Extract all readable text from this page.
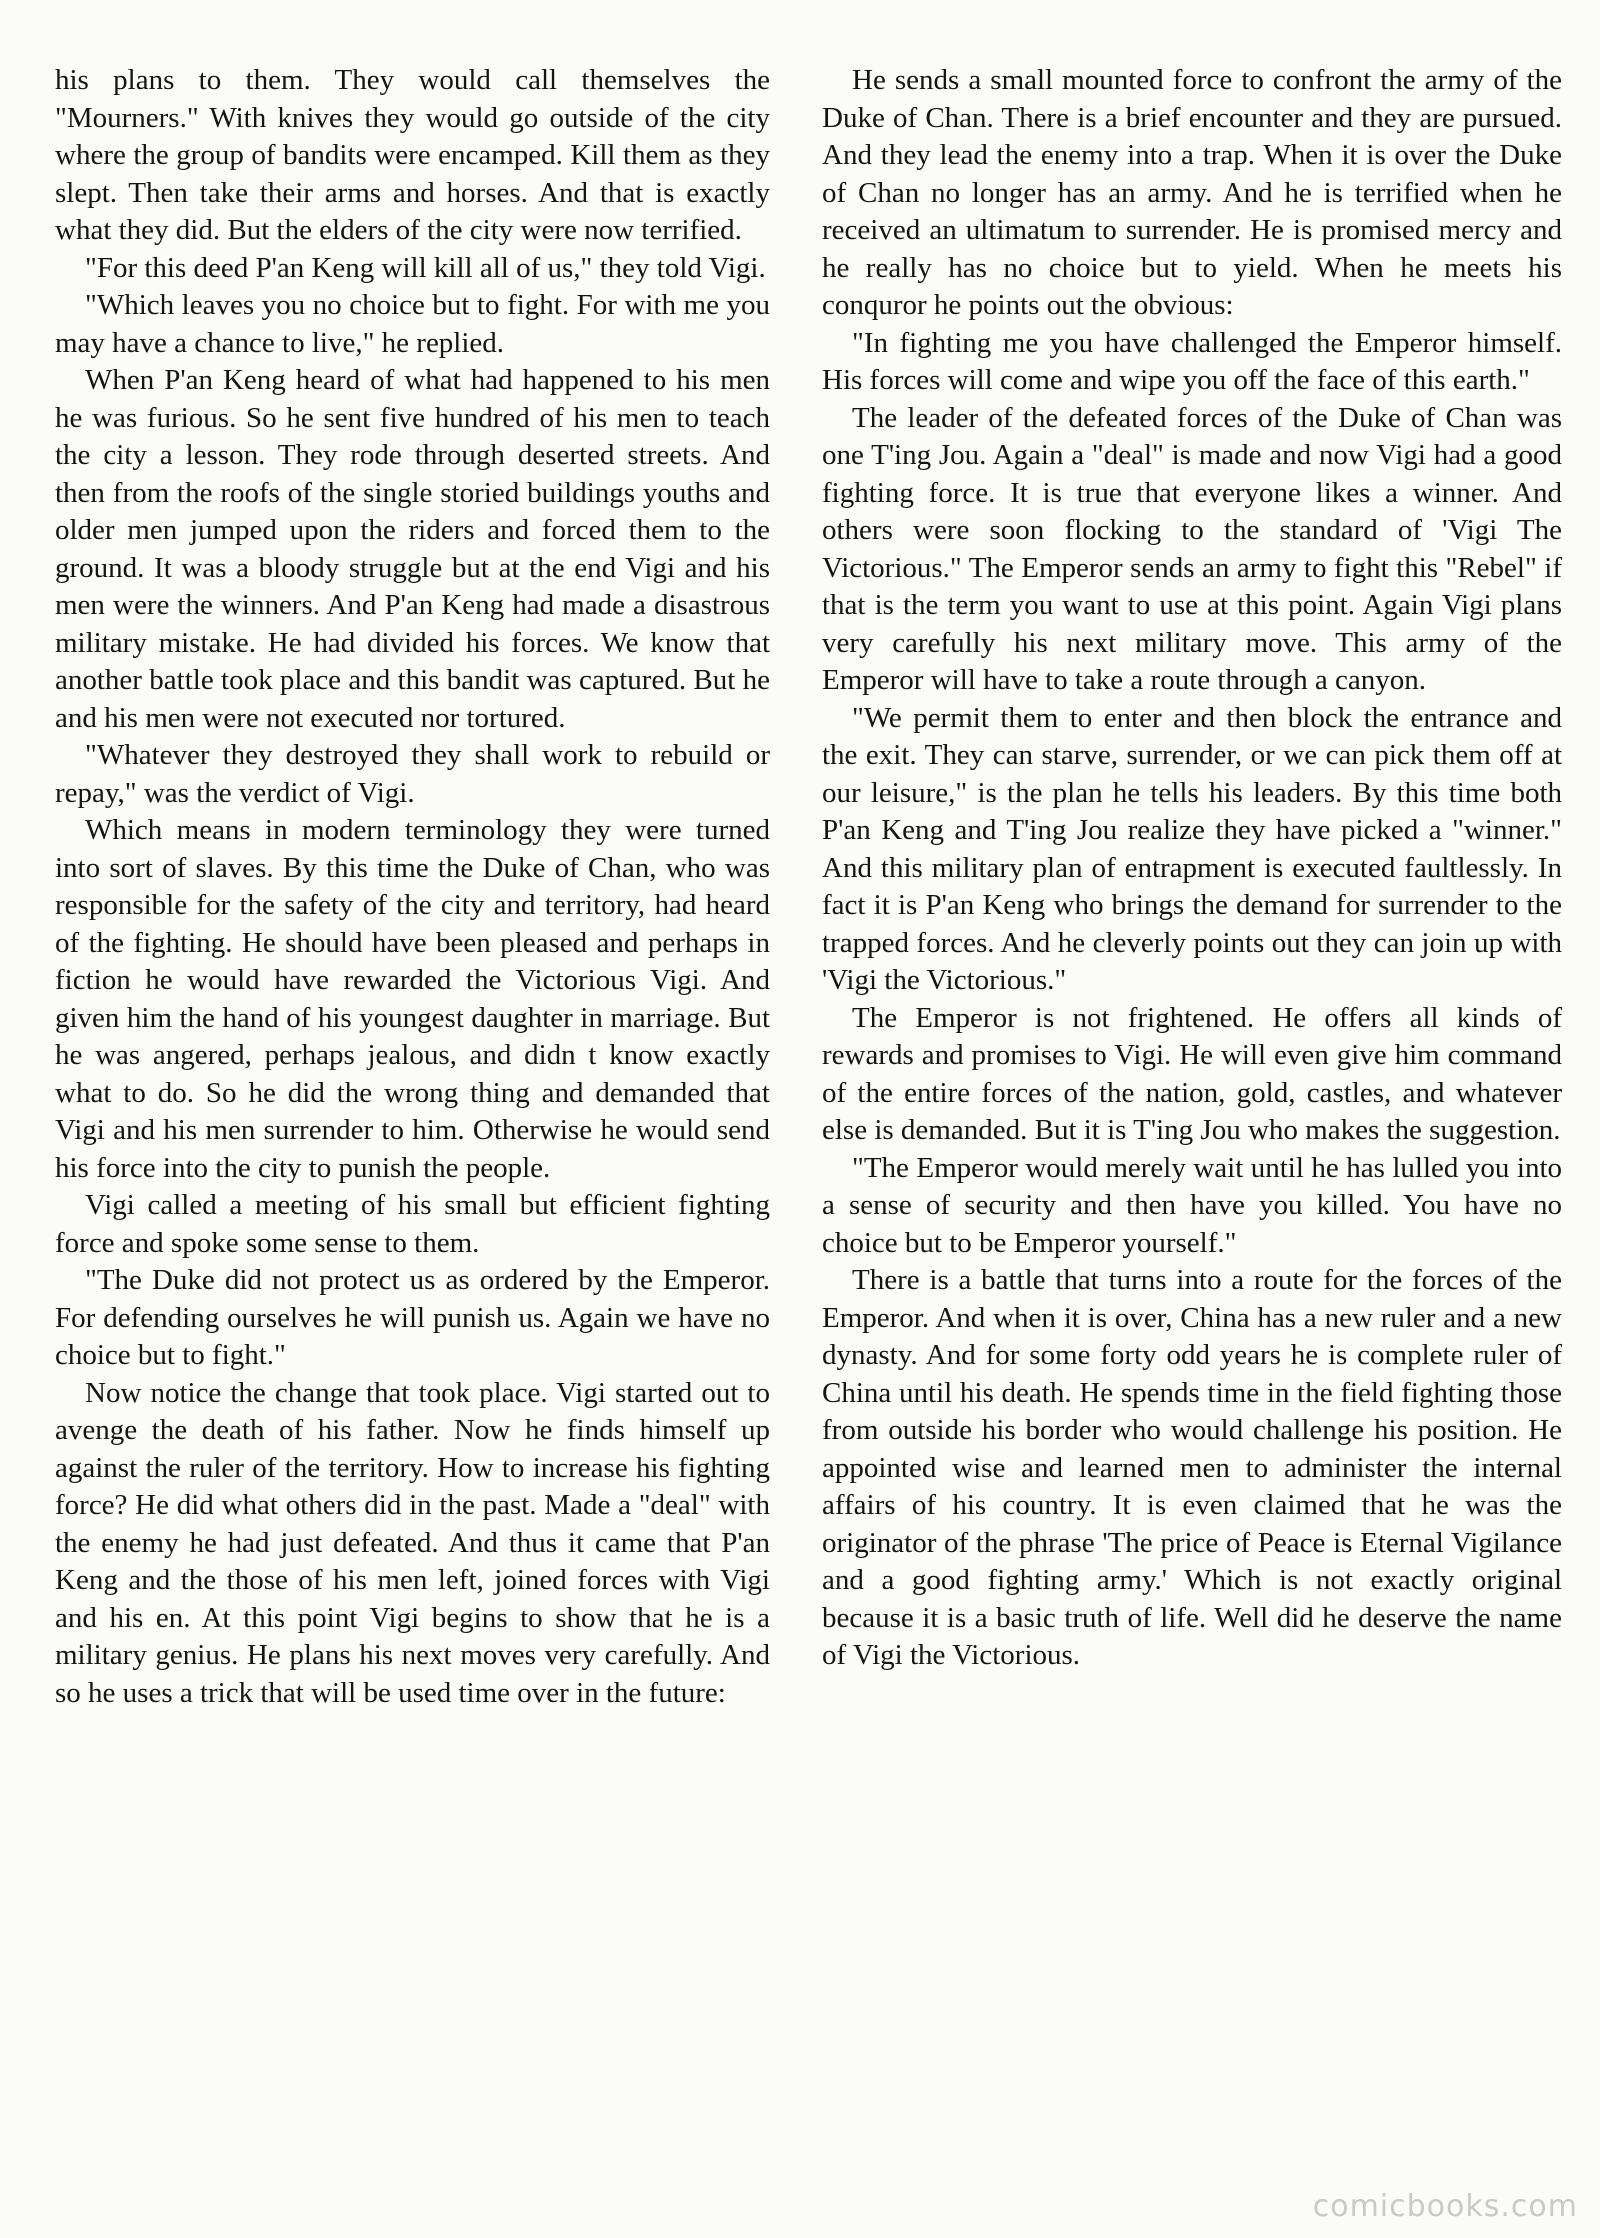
his plans to them. They would call themselves the "Mourners." With knives they would go outside of the city where the group of bandits were encamped. Kill them as they slept. Then take their arms and horses. And that is exactly what they did. But the elders of the city were now terrified.

"For this deed P'an Keng will kill all of us," they told Vigi.

"Which leaves you no choice but to fight. For with me you may have a chance to live," he replied.

When P'an Keng heard of what had happened to his men he was furious. So he sent five hundred of his men to teach the city a lesson. They rode through deserted streets. And then from the roofs of the single storied buildings youths and older men jumped upon the riders and forced them to the ground. It was a bloody struggle but at the end Vigi and his men were the winners. And P'an Keng had made a disastrous military mistake. He had divided his forces. We know that another battle took place and this bandit was captured. But he and his men were not executed nor tortured.

"Whatever they destroyed they shall work to rebuild or repay," was the verdict of Vigi.

Which means in modern terminology they were turned into sort of slaves. By this time the Duke of Chan, who was responsible for the safety of the city and territory, had heard of the fighting. He should have been pleased and perhaps in fiction he would have rewarded the Victorious Vigi. And given him the hand of his youngest daughter in marriage. But he was angered, perhaps jealous, and didn t know exactly what to do. So he did the wrong thing and demanded that Vigi and his men surrender to him. Otherwise he would send his force into the city to punish the people.

Vigi called a meeting of his small but efficient fighting force and spoke some sense to them.

"The Duke did not protect us as ordered by the Emperor. For defending ourselves he will punish us. Again we have no choice but to fight."

Now notice the change that took place. Vigi started out to avenge the death of his father. Now he finds himself up against the ruler of the territory. How to increase his fighting force? He did what others did in the past. Made a "deal" with the enemy he had just defeated. And thus it came that P'an Keng and the those of his men left, joined forces with Vigi and his en. At this point Vigi begins to show that he is a military genius. He plans his next moves very carefully. And so he uses a trick that will be used time over in the future:

He sends a small mounted force to confront the army of the Duke of Chan. There is a brief encounter and they are pursued. And they lead the enemy into a trap. When it is over the Duke of Chan no longer has an army. And he is terrified when he received an ultimatum to surrender. He is promised mercy and he really has no choice but to yield. When he meets his conquror he points out the obvious:

"In fighting me you have challenged the Emperor himself. His forces will come and wipe you off the face of this earth."

The leader of the defeated forces of the Duke of Chan was one T'ing Jou. Again a "deal" is made and now Vigi had a good fighting force. It is true that everyone likes a winner. And others were soon flocking to the standard of 'Vigi The Victorious." The Emperor sends an army to fight this "Rebel" if that is the term you want to use at this point. Again Vigi plans very carefully his next military move. This army of the Emperor will have to take a route through a canyon.

"We permit them to enter and then block the entrance and the exit. They can starve, surrender, or we can pick them off at our leisure," is the plan he tells his leaders. By this time both P'an Keng and T'ing Jou realize they have picked a "winner." And this military plan of entrapment is executed faultlessly. In fact it is P'an Keng who brings the demand for surrender to the trapped forces. And he cleverly points out they can join up with 'Vigi the Victorious."

The Emperor is not frightened. He offers all kinds of rewards and promises to Vigi. He will even give him command of the entire forces of the nation, gold, castles, and whatever else is demanded. But it is T'ing Jou who makes the suggestion.

"The Emperor would merely wait until he has lulled you into a sense of security and then have you killed. You have no choice but to be Emperor yourself."

There is a battle that turns into a route for the forces of the Emperor. And when it is over, China has a new ruler and a new dynasty. And for some forty odd years he is complete ruler of China until his death. He spends time in the field fighting those from outside his border who would challenge his position. He appointed wise and learned men to administer the internal affairs of his country. It is even claimed that he was the originator of the phrase 'The price of Peace is Eternal Vigilance and a good fighting army.' Which is not exactly original because it is a basic truth of life. Well did he deserve the name of Vigi the Victorious.

comicbooks.com
